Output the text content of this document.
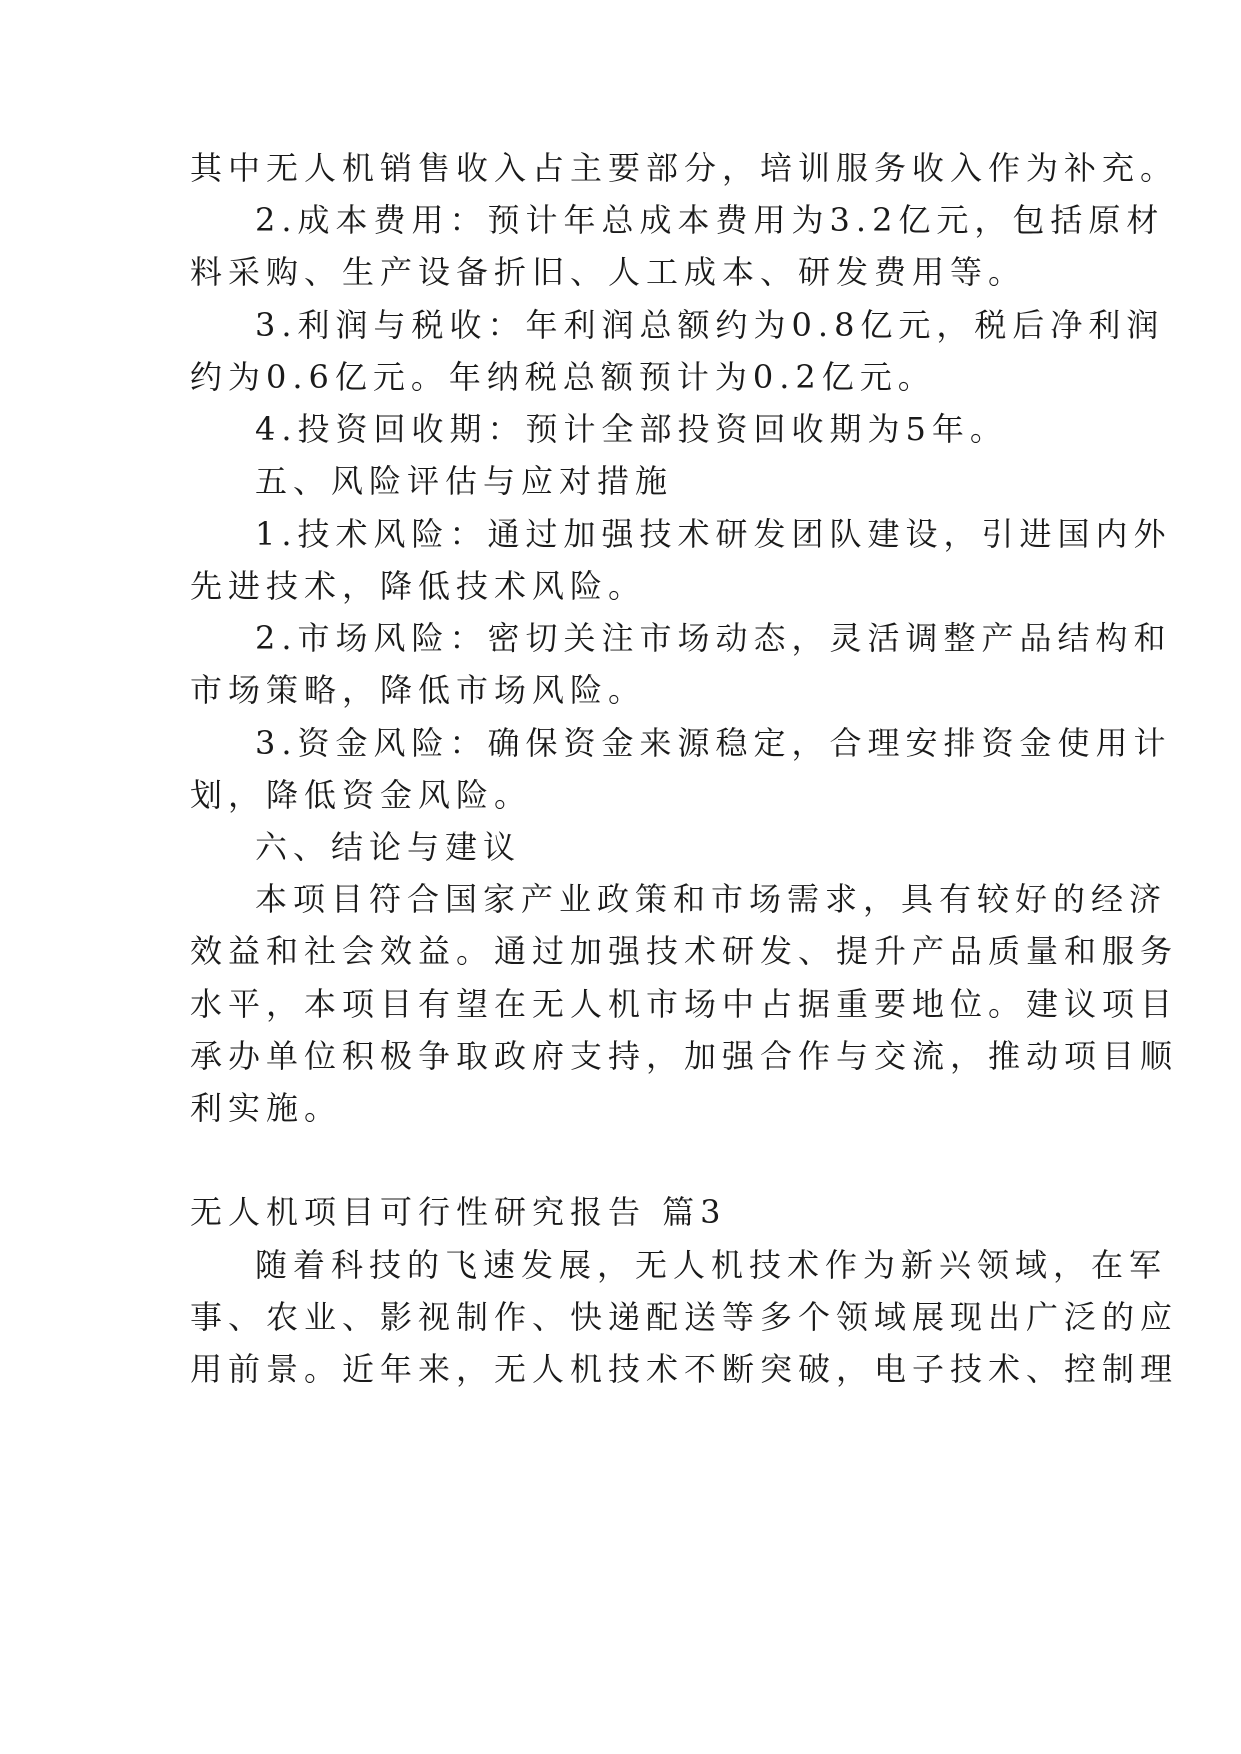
其中无人机销售收入占主要部分，培训服务收入作为补充。
2.成本费用：预计年总成本费用为3.2亿元，包括原材
料采购、生产设备折旧、人工成本、研发费用等。
3.利润与税收：年利润总额约为0.8亿元，税后净利润
约为0.6亿元。年纳税总额预计为0.2亿元。
4.投资回收期：预计全部投资回收期为5年。
五、风险评估与应对措施
1.技术风险：通过加强技术研发团队建设，引进国内外
先进技术，降低技术风险。
2.市场风险：密切关注市场动态，灵活调整产品结构和
市场策略，降低市场风险。
3.资金风险：确保资金来源稳定，合理安排资金使用计
划，降低资金风险。
六、结论与建议
本项目符合国家产业政策和市场需求，具有较好的经济
效益和社会效益。通过加强技术研发、提升产品质量和服务
水平，本项目有望在无人机市场中占据重要地位。建议项目
承办单位积极争取政府支持，加强合作与交流，推动项目顺
利实施。
无人机项目可行性研究报告 篇3
随着科技的飞速发展，无人机技术作为新兴领域，在军
事、农业、影视制作、快递配送等多个领域展现出广泛的应
用前景。近年来，无人机技术不断突破，电子技术、控制理
